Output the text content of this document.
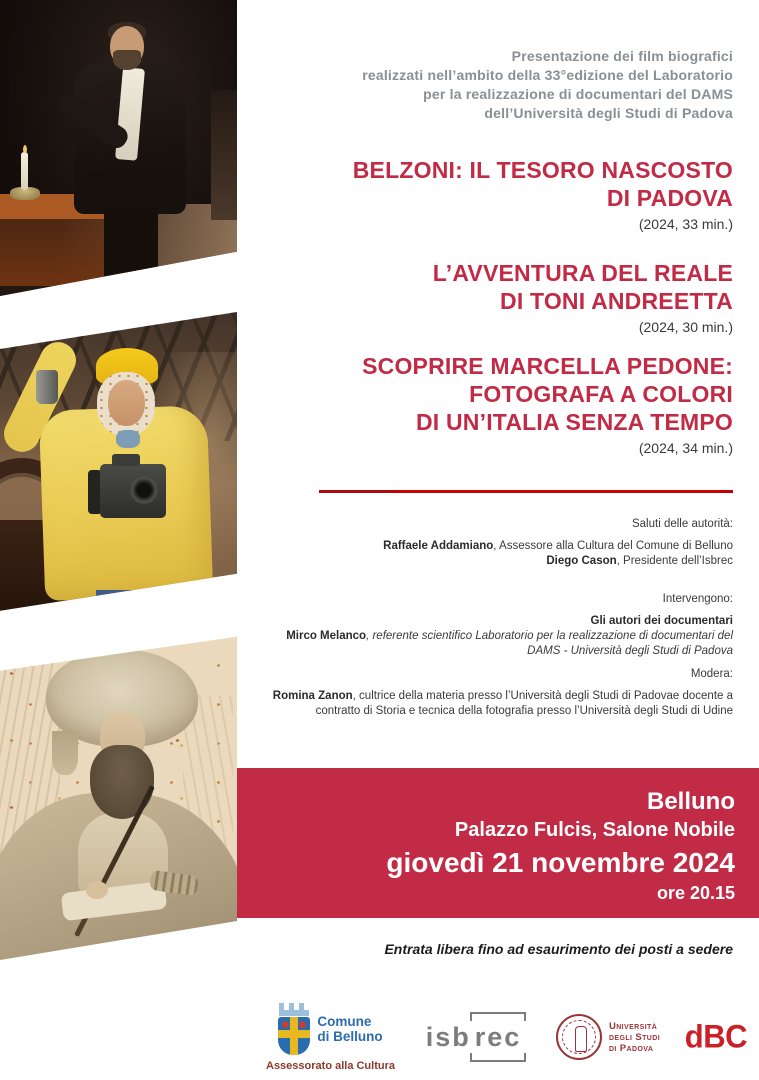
Presentazione dei film biografici
realizzati nell’ambito della 33°edizione del Laboratorio
per la realizzazione di documentari del DAMS
dell’Università degli Studi di Padova
BELZONI: IL TESORO NASCOSTO
DI PADOVA
(2024, 33 min.)
L’AVVENTURA DEL REALE
DI TONI ANDREETTA
(2024, 30 min.)
SCOPRIRE MARCELLA PEDONE:
FOTOGRAFA A COLORI
DI UN’ITALIA SENZA TEMPO
(2024, 34 min.)
Saluti delle autorità:
Raffaele Addamiano, Assessore alla Cultura del Comune di Belluno
Diego Cason, Presidente dell’Isbrec
Intervengono:
Gli autori dei documentari
Mirco Melanco, referente scientifico Laboratorio per la realizzazione di documentari del DAMS - Università degli Studi di Padova
Modera:
Romina Zanon, cultrice della materia presso l’Università degli Studi di Padovae docente a contratto di Storia e tecnica della fotografia presso l’Università degli Studi di Udine
Entrata libera fino ad esaurimento dei posti a sedere
Belluno
Palazzo Fulcis, Salone Nobile
giovedì 21 novembre 2024
ore 20.15
Comune
di Belluno
Assessorato alla Cultura
isb rec	Università
degli Studi
di Padova dBC
